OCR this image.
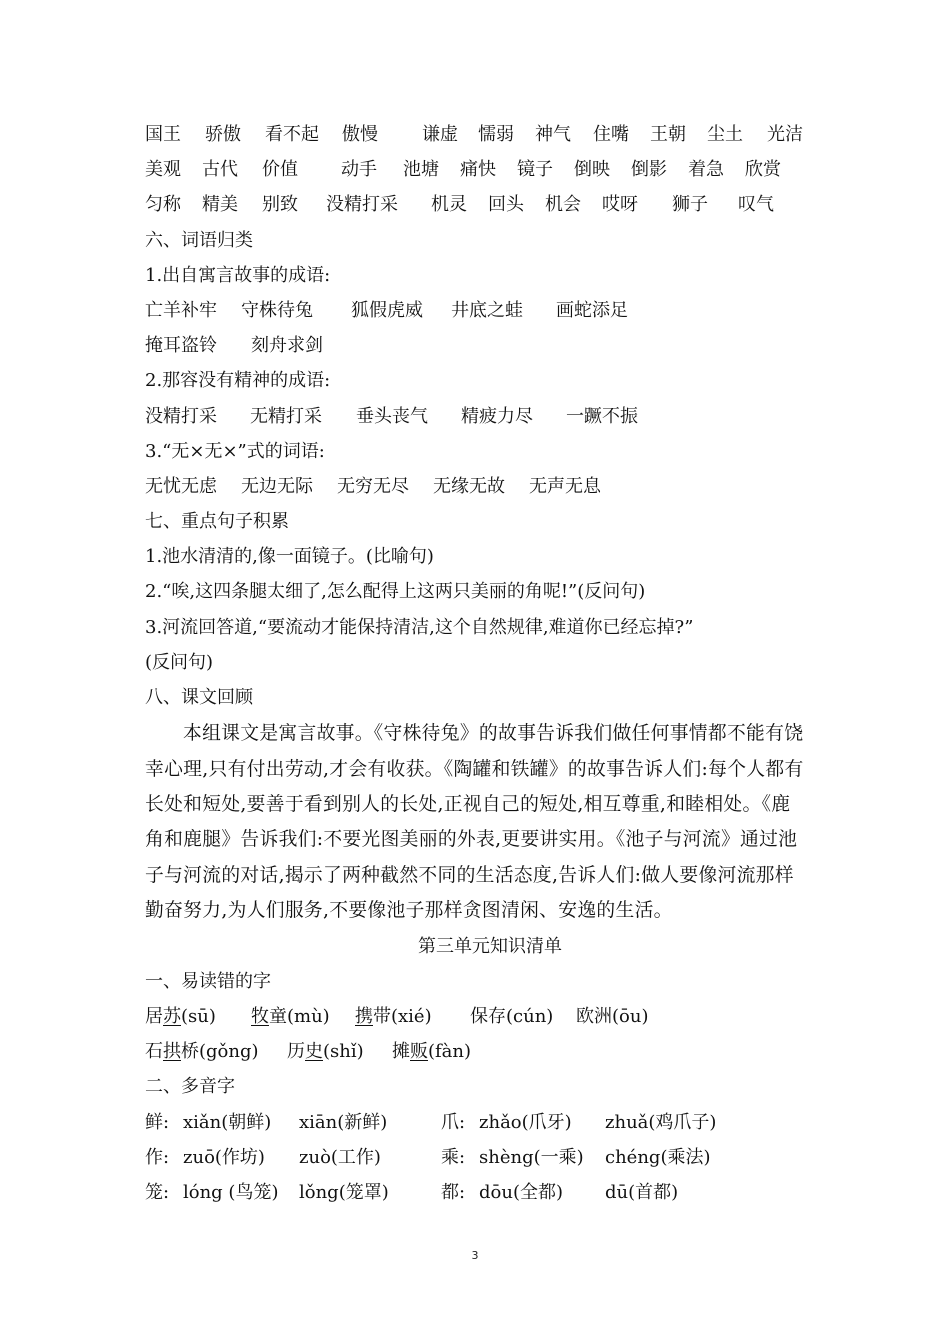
国王 骄傲 看不起 傲慢 谦虚 懦弱 神气 住嘴 王朝 尘土 光洁
美观 古代 价值 动手 池塘 痛快 镜子 倒映 倒影 着急 欣赏
匀称 精美 别致 没精打采 机灵 回头 机会 哎呀 狮子 叹气
六、词语归类
1.出自寓言故事的成语:
亡羊补牢 守株待兔 狐假虎威 井底之蛙 画蛇添足
掩耳盗铃 刻舟求剑
2.那容没有精神的成语:
没精打采 无精打采 垂头丧气 精疲力尽 一蹶不振
3.“无×无×”式的词语:
无忧无虑 无边无际 无穷无尽 无缘无故 无声无息
七、重点句子积累
1.池水清清的,像一面镜子。(比喻句)
2.“唉,这四条腿太细了,怎么配得上这两只美丽的角呢!”(反问句)
3.河流回答道,“要流动才能保持清洁,这个自然规律,难道你已经忘掉?”
(反问句)
八、课文回顾
本组课文是寓言故事。《守株待兔》的故事告诉我们做任何事情都不能有饶
幸心理,只有付出劳动,才会有收获。《陶罐和铁罐》的故事告诉人们:每个人都有
长处和短处,要善于看到别人的长处,正视自己的短处,相互尊重,和睦相处。《鹿
角和鹿腿》告诉我们:不要光图美丽的外表,更要讲实用。《池子与河流》通过池
子与河流的对话,揭示了两种截然不同的生活态度,告诉人们:做人要像河流那样
勤奋努力,为人们服务,不要像池子那样贪图清闲、安逸的生活。
第三单元知识清单
一、易读错的字
居苏(sū) 牧童(mù) 携带(xié) 保存(cún) 欧洲(ōu)
石拱桥(gǒng) 历史(shǐ) 摊贩(fàn)
二、多音字
鲜: xiǎn(朝鲜) xiān(新鲜)	爪: zhǎo(爪牙) zhuǎ(鸡爪子)
作: zuō(作坊) zuò(工作)	乘: shèng(一乘) chéng(乘法)
笼: lóng (鸟笼) lǒng(笼罩)	都: dōu(全都) dū(首都)
3
